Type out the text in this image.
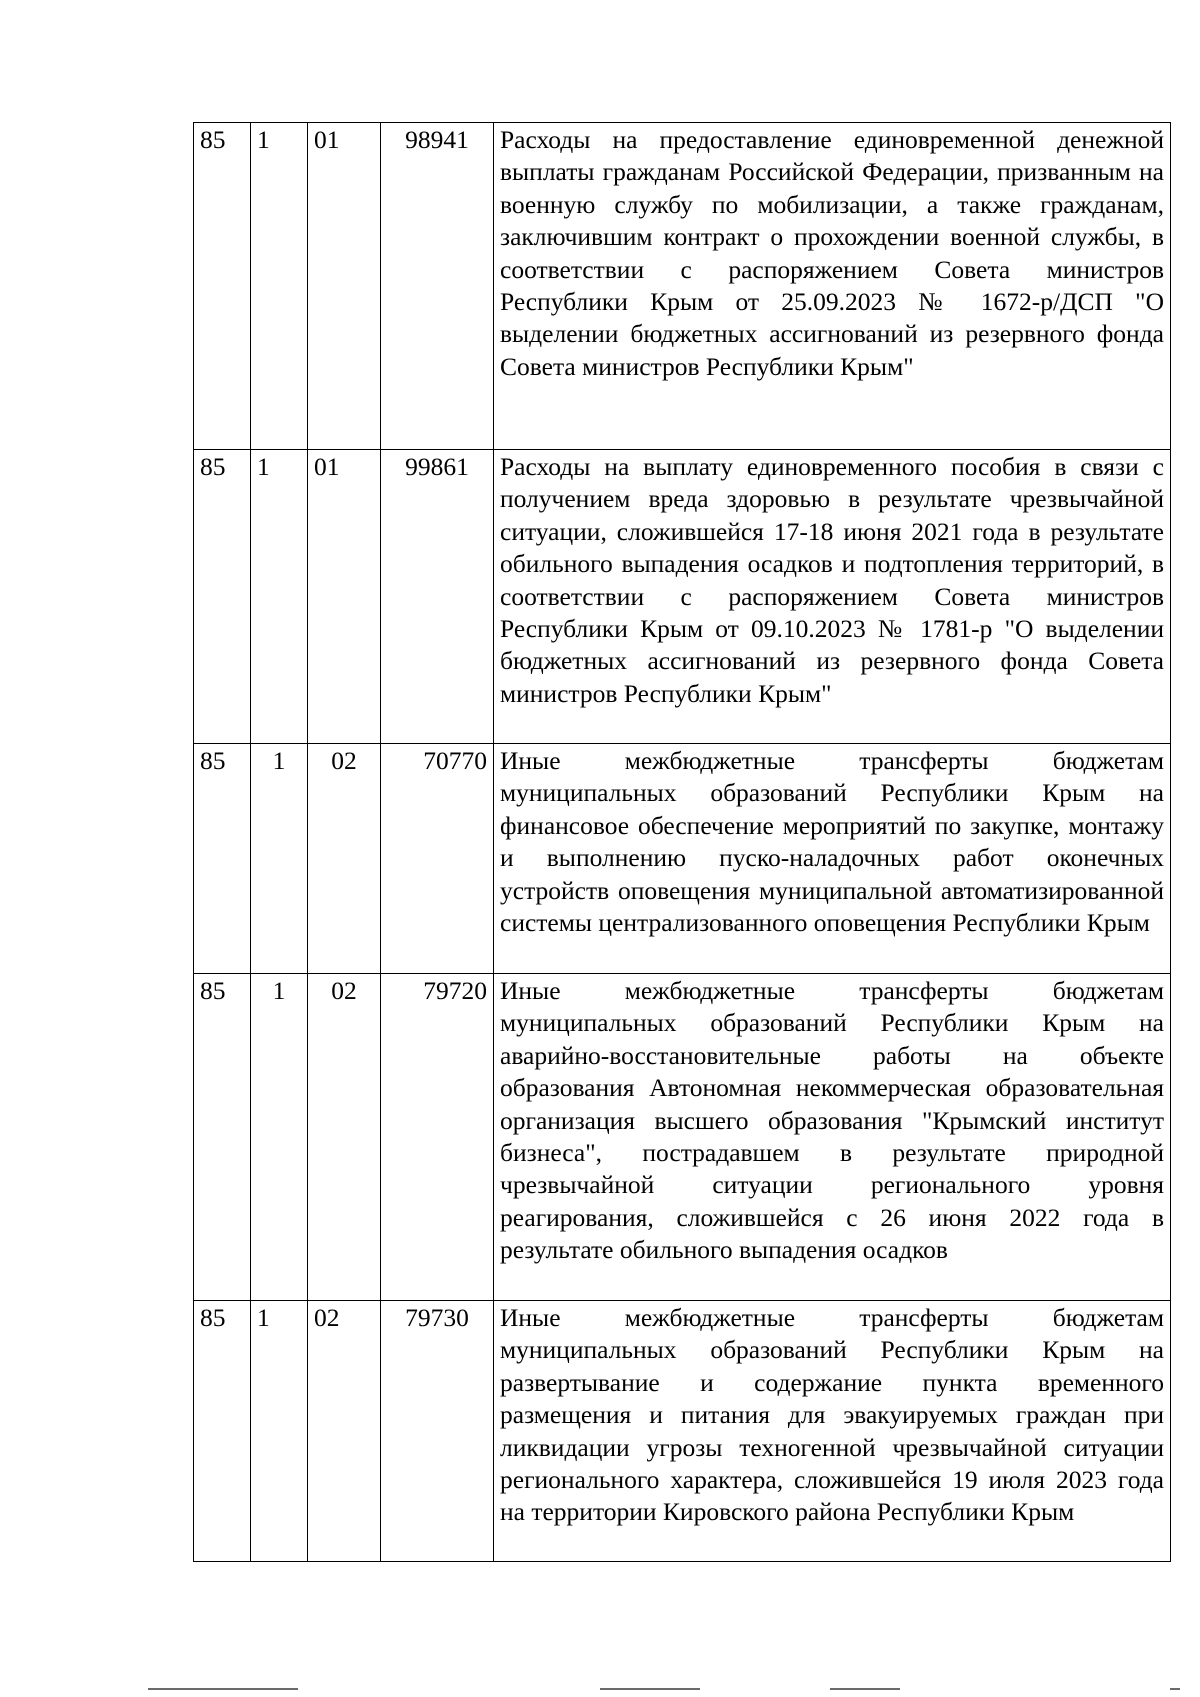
85	1	01	98941	Расходы на предоставление единовременной денежной выплаты гражданам Российской Федерации, призванным на военную службу по мобилизации, а также гражданам, заключившим контракт о прохождении военной службы, в соответствии с распоряжением Совета министров Республики Крым от 25.09.2023 № 1672-р/ДСП "О выделении бюджетных ассигнований из резервного фонда Совета министров Республики Крым"
85	1	01	99861	Расходы на выплату единовременного пособия в связи с получением вреда здоровью в результате чрезвычайной ситуации, сложившейся 17-18 июня 2021 года в результате обильного выпадения осадков и подтопления территорий, в соответствии с распоряжением Совета министров Республики Крым от 09.10.2023 № 1781-р "О выделении бюджетных ассигнований из резервного фонда Совета министров Республики Крым"
85	1	02	70770	Иные межбюджетные трансферты бюджетам муниципальных образований Республики Крым на финансовое обеспечение мероприятий по закупке, монтажу и выполнению пуско-наладочных работ оконечных устройств оповещения муниципальной автоматизированной системы централизованного оповещения Республики Крым
85	1	02	79720	Иные межбюджетные трансферты бюджетам муниципальных образований Республики Крым на аварийно-восстановительные работы на объекте образования Автономная некоммерческая образовательная организация высшего образования "Крымский институт бизнеса", пострадавшем в результате природной чрезвычайной ситуации регионального уровня реагирования, сложившейся с 26 июня 2022 года в результате обильного выпадения осадков
85	1	02	79730	Иные межбюджетные трансферты бюджетам муниципальных образований Республики Крым на развертывание и содержание пункта временного размещения и питания для эвакуируемых граждан при ликвидации угрозы техногенной чрезвычайной ситуации регионального характера, сложившейся 19 июля 2023 года на территории Кировского района Республики Крым
